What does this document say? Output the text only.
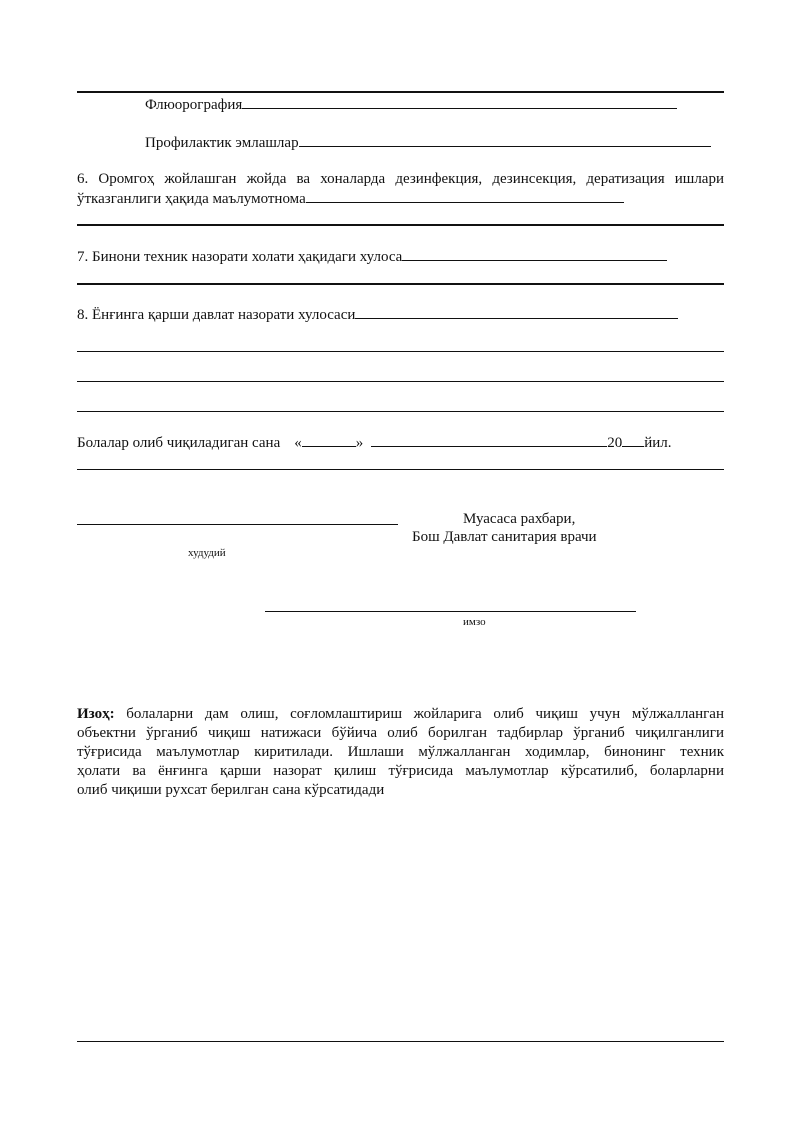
Флюорография
Профилактик эмлашлар
6. Оромгоҳ жойлашган жойда ва хоналарда дезинфекция, дезинсекция, дератизация ишлари
ўтказганлиги ҳақида маълумотнома
7. Бинони техник назорати холати ҳақидаги хулоса
8. Ёнғинга қарши давлат назорати хулосаси
Болалар олиб чиқиладиган сана «	»	20 йил.
Муасаса рахбари,
Бош Давлат санитария врачи
худудий
имзо
Изоҳ: болаларни дам олиш, соғломлаштириш жойларига олиб чиқиш учун мўлжалланган
объектни ўрганиб чиқиш натижаси бўйича олиб борилган тадбирлар ўрганиб чиқилганлиги
тўғрисида маълумотлар киритилади. Ишлаши мўлжалланган ходимлар, бинонинг техник
ҳолати ва ёнғинга қарши назорат қилиш тўғрисида маълумотлар кўрсатилиб, боларларни
олиб чиқиши рухсат берилган сана кўрсатидади
